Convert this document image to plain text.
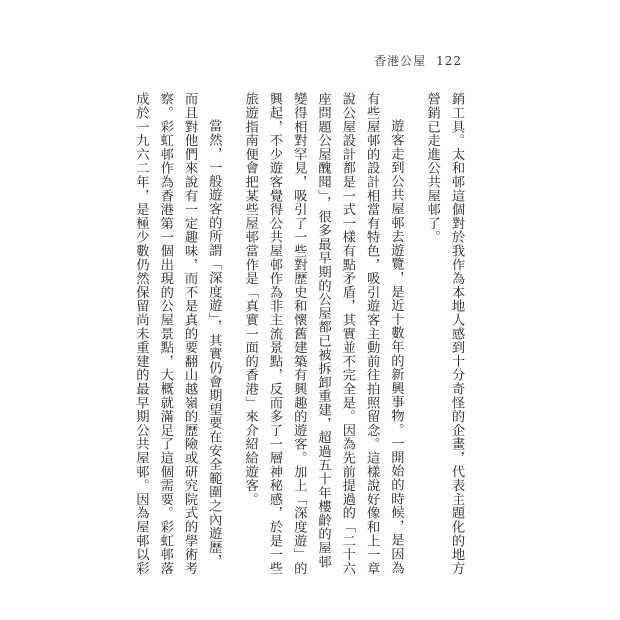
香港公屋 122
銷工具。太和邨這個對於我作為本地人感到十分奇怪的企畫，代表主題化的地方
營銷已走進公共屋邨了。
遊客走到公共屋邨去遊覽，是近十數年的新興事物。一開始的時候，是因為
有些屋邨的設計相當有特色，吸引遊客主動前往拍照留念。這樣說好像和上一章
說公屋設計都是一式一樣有點矛盾，其實並不完全是。因為先前提過的「二十六
座問題公屋醜聞」，很多最早期的公屋都已被拆卸重建，超過五十年樓齡的屋邨
變得相對罕見，吸引了一些對歷史和懷舊建築有興趣的遊客。加上「深度遊」的
興起，不少遊客覺得公共屋邨作為非主流景點，反而多了一層神秘感，於是一些
旅遊指南便會把某些屋邨當作是「真實一面的香港」來介紹給遊客。
當然，一般遊客的所謂「深度遊」，其實仍會期望要在安全範圍之內遊歷，
而且對他們來說有一定趣味，而不是真的要翻山越嶺的歷險或研究院式的學術考
察。彩虹邨作為香港第一個出現的公屋景點，大概就滿足了這個需要。彩虹邨落
成於一九六二年，是極少數仍然保留尚未重建的最早期公共屋邨。因為屋邨以彩
